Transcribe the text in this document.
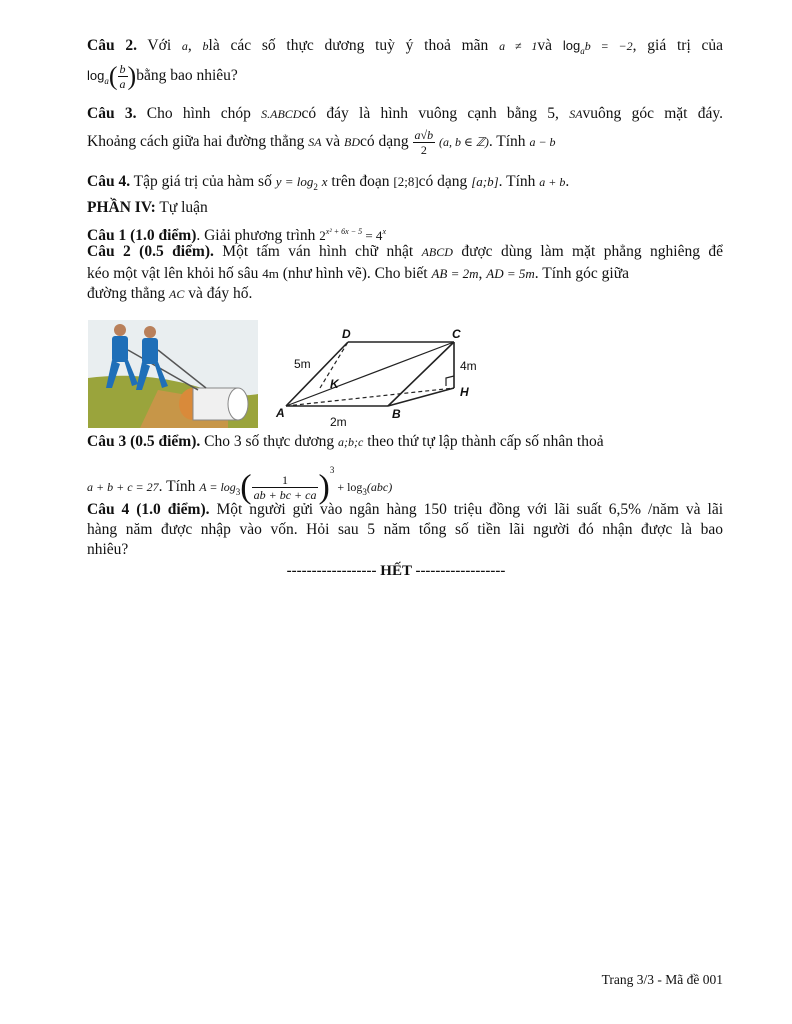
Câu 2. Với a, blà các số thực dương tuỳ ý thoả mãn a ≠ 1và $\log_ab = -2$, giá trị của
$\log_a( \frac{b}{a}$ )bằng bao nhiêu?
Câu 3. Cho hình chóp S.ABCDcó đáy là hình vuông cạnh bằng 5, SAvuông góc mặt đáy.
Khoảng cách giữa hai đường thẳng SA và BDcó dạng $\frac{a√b}{2} (a$, b ∈ ℤ). Tính a − b
Câu 4. Tập giá trị của hàm số $y = \log_2 x$ trên đoạn [2;8]có dạng [a;b]. Tính a + b.
PHẦN IV: Tự luận
Câu 1 (1.0 điểm). Giải phương trình $2^{x^2 + 6x - 5} = 4^x$
Câu 2 (0.5 điểm). Một tấm ván hình chữ nhật ABCD được dùng làm mặt phẳng nghiêng để
kéo một vật lên khỏi hố sâu 4m (như hình vẽ). Cho biết AB = 2m, AD = 5m. Tính góc giữa
đường thẳng AC và đáy hố.
A	B
C
D
H
K
5m
2m
4m
Câu 3 (0.5 điểm). Cho 3 số thực dương a;b;c theo thứ tự lập thành cấp số nhân thoả
a + b + c = 27. Tính $A = \log_3( \frac{1}{ab + bc + ca} )^3 + \log_3(abc)$
Câu 4 (1.0 điểm). Một người gửi vào ngân hàng 150 triệu đồng với lãi suất 6,5% /năm và lãi
hàng năm được nhập vào vốn. Hỏi sau 5 năm tổng số tiền lãi người đó nhận được là bao
nhiêu?
------------------ HẾT ------------------
Trang 3/3 - Mã đề 001
